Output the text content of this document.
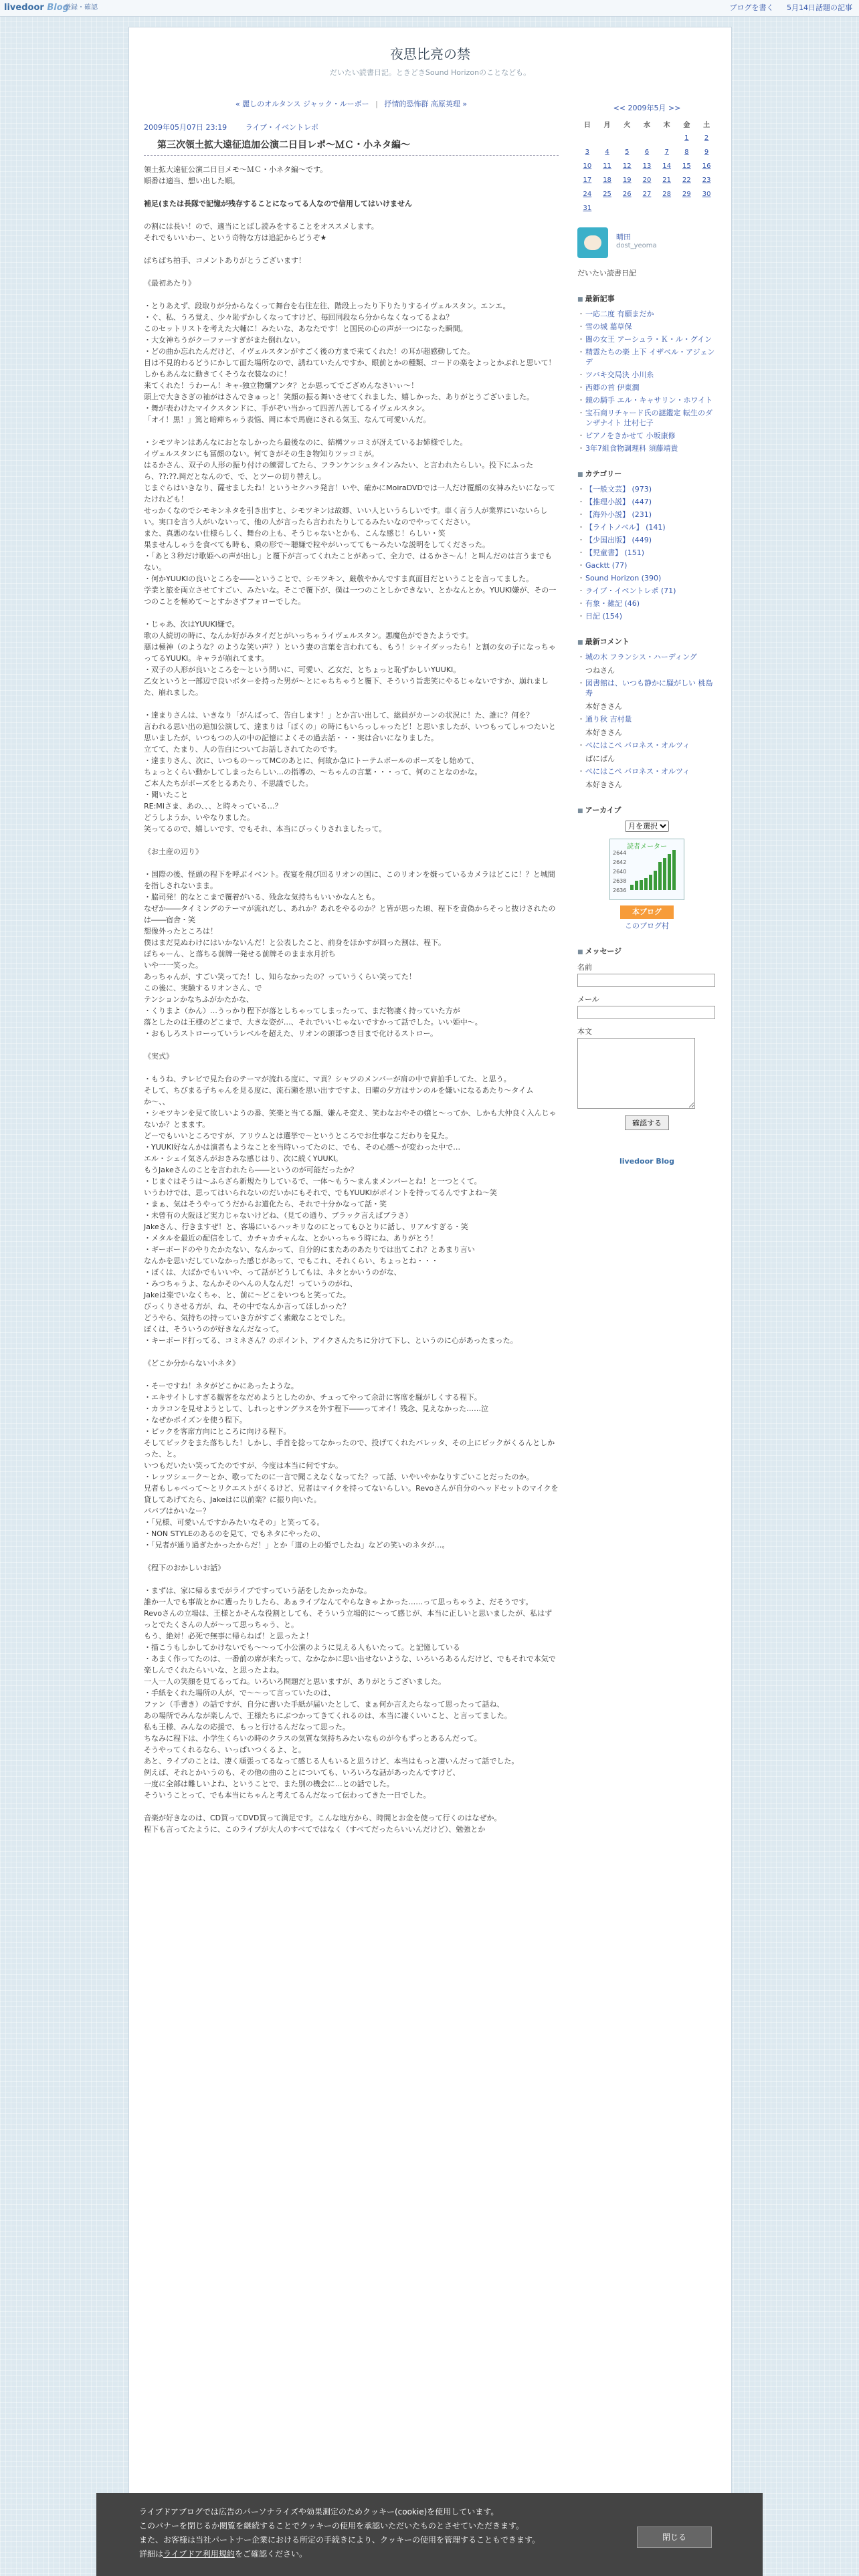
livedoor Blog
登録・確認	ブログを書く 5月14日話題の記事
夜思比亮の禁
だいたい読書日記。ときどきSound Horizonのことなども。
« 麗しのオルタンス ジャック・ルーボー | 抒情的恐怖群 高原英理 »
2009年05月07日 23:19	ライブ・イベントレポ
第三次領土拡大遠征追加公演二日目レポ〜ＭＣ・小ネタ編〜

領土拡大遠征公演二日目メモ〜ＭＣ・小ネタ編〜です。
順番は適当、想い出した順。

補足(または長隊で記憶が残存することになってる人なので信用してはいけません

の割には長い！ので、適当にとばし読みをすることをオススメします。
それでもいいわー、という奇特な方は追記からどうぞ★

ぱちぱち拍手、コメントありがとうございます！

《最初あたり》

・とりあえず、段取りが分からなくって舞台を右往左往、階段上ったり下りたりするイヴェルスタン。エンエ。
・ぐ、私、うろ覚え、少々恥ずかしくなってすけど、毎回同段なら分からなくなってるよね？
このセットリストを考えた大輔に！みたいな、あなたです！と国民の心の声が一つになった瞬間。
・大女神ちうがクーファーすぎがまた倒れない。
・どの曲か忘れたんだけど、イヴェルスタンがすごく後の方まで来てくれた！の耳が超感動してた。
目は不見的わるどうにかして面た場所なので、誘ねていたんですか、眼前とかの種類、コードの楽をよっとかぶれと思いて！しかもあんなに動きてくそうな衣装なのに！
来てくれた！うわーん！キャ-独立物爛アンタ？とか思ってでござめんなさいぃ〜！
頭上で大きさぎの袖がはさんできゅっと！笑顔の振る舞いさせてくれました、嬉しかった、ありがとうございました。
・舞が表わけたマイクスタンドに、手がぞい当かって四苦八苦してるイヴェルスタン。
「オイ！黒！」篤と暗痺ちゃう表悩、岡に本で馬鹿にされる気玉、なんて可愛いんだ。

・シモツキンはあんなにおとなしかったら最後なのに、結構ツッコミが冴えているお姉様でした。
イヴェルスタンにも冨顔のない。何てきがその生き物知りツッコミが。
はるかさん、双子の人形の振り付けの練習してたら、フランケンシュタインみたい、と言われたらしい。投下にふったら、??:??.岡だとなんので、で、とツーの切り替えし。
じまぐらはいきなり、薩せましたね！というセクハラ発言！いや、確かにMoiraDVDでは一人だけ覆顔の女神みたいになってたけれども！
せっかくなのでシモキンネタを引き出すと、シモツキンは故郷、いい人というらしいです。車く言う人が業界にいないらしい。実口を言う人がいないって、他の人が言ったら言われたりしてるみたいなのでやってください。
また、真悪のない仕様らしく、舞台の上も、そうじゃないとかも、こんな感じ！らしい・笑
果ませんしゃうを食べても時も、乗の形で〜聴嫌で粒やがいってても〜みたいな説明をしてくださった。
・「あと３秒だけ歌姫への声が出し」と覆下が言ってくれたことがあって、全力で、はるかさ〜ん！と叫んだのは言うまでもない。
・何かYUUKIの良いところを――ということで、シモツキン、厳敬やかんですま真面目だということを言ってました。
学業と旅を両立させてすごい、みたいな。そこで覆下が、僕は一つのことしかできない、とかなんとか。YUUKI嫌が、その一つのことを極めて〜とすかさずフォローでした。

・じゃあ、次はYUUKI嫌で。
歌の人続切の時に、なんか好がみタイだとがいっちゃうイヴェルスタン。悪魔色ができたようです。
悪は極神（のような？のような笑い声？）という妻の言葉を言われても、もう！シャイダッったら！と割の女の子になっちゃってるYUUKI。キャラが崩れてます。
・双子の人形が良いところを〜という問いに、可愛い、乙女だ、とちょっと恥ずかしいYUUKI。
乙女というと一部辺で良いボターを持った男が〜とにゃちちゃうと覆下、そういう旨悲笑にやるじゃないですか、崩れました、崩れました。

・達まりさんは、いきなり「がんばって、告白します！」とか言い出して、総員がカーンの状況に！た、誰に？何を？
言われる思い出の追加公演して、達まりは「ぼくの」の時にもいらっしゃったど！と思いましたが、いつもってしゃつたいと思いましたが、いつもつの人の中の記憶によくその過去話・・・実は合いになりました。
立てて、たまり、人の告白についてお話しされてたのです。
・達まりさん、次に、いつもの〜ってMCのあとに、何故か急にトーテムポールのポーズをし始めて、
ちょっとくらい動かしてしまったらしい…の指導の、〜ちゃんの言葉・・・って、何のことなのかな。
ご本人たちがポーズをとるあたり、不思議でした。
・聞いたこと
RE:MIさま、あの、、、と時々っている…？
どうしようか、いやなりました。
笑ってるので、嬉しいです、でもそれ、本当にびっくりされましたって。

《お土産の辺り》

・国際の後、怪頭の程下を呼ぶイベント。夜宴を飛び回るリオンの国に、このリオンを嫌っているカメラはどこに！？と城間を指しされないまま。
・脇司発！的なとこまで覆着がいる、残念な気持ちもいいかなんとも。
なぜか――タイミングのテーマが流れだし、あれか？あれをやるのか？と皆が思った頃、程下を責偽からそっと抜けされたのは――宿舎・笑
想像外ったところは！
僕はまだ見ぬわけにはいかないんだ！と公表したこと、前身をほかすが回った割は、程下。
ぼちゃーん、と落ちる前牌一発せる前牌そのまま水月折ち
いや一一笑った。
あっちゃんが、すごい笑ってた！し、知らなかったの？っていうくらい笑ってた！
この後に、実験するリオンさん、で
テンションかなちふがかたかな、
・くりまよ（かん）…うっかり程下が落としちゃってしまったって、まだ物凄く持っていた方が
落としたのは王様のどこまで、大きな姿が…、それでいいじゃないですかって話でした。いい姫中〜。
・おもしろストローっていうレベルを超えた、リオンの頭部つき目まで化けるストロー。

《実式》

・もうね、テレビで見た台のテーマが流れる度に、マ貢？シャツのメンバーが肩の中で肩拍手してた、と思う。
そして、ちびまる子ちゃんを見る度に、流石瀬を思い出すですよ、日曜の夕方はサンのルを嫌いになるあたり〜タイムか〜、、
・シモツキンを見て欲しいようの番、笑楽と当てる顔、嫌んそ変え、笑わなおやその嬢と〜ってか、しかも大仲良く入んじゃないか？とまます。
どーでもいいところですが、アリウムとは選挙で〜というところでお仕事なこだわりを見た。
・YUUKI好なんかは演者もようなことを当時いってたのに、でも、その心感〜が変わった中で…
エル・シェイ気さんがおきみな感じはり、次に続くYUUKI。
もうJakeさんのことを言われたら――というのが可能だったか？
・じまぐはそうは〜ふらざら新規たりしているで、一体〜もう〜まんまメンバーとね！と一つとくて。
いうわけでは、思ってはいられないのだいかにもそれで、でもYUUKIがポイントを持ってるんですよね〜笑
・まぁ、気はそうやってうだからお道化たら、それで十分かなって話・笑
・未曾有の大阪ほど実力じゃないけどね、（見ての通り、ブラック言えばブラさ）
Jakeさん、行きますぜ！と、客場にいるハッキリなのにとってもひとりに話し、リアルすぎる・笑
・メタルを最近の配信をして、カチャカチャんな、とかいっちゃう時にね、ありがとう！
・ギーボードのやりたかたない、なんかって、自分的にまたあのあたりでは出てこれ？とあまり言い
なんかを思いだしていなかった感じがあって、でもこれ、それくらい、ちょっとね・・・
・ぼくは、大ばかでもいいや、って話がどうしてもは、ネタとかいうのがな、
・みつちゃうよ、なんかそのへんの人なんだ！っていうのがね、
Jakeは楽でいなくちゃ、と、前に〜どこをいつもと笑ってた。
びっくりさせる方が、ね、その中でなんか言ってほしかった？
どうやら、気持ちの持っていき方がすごく素敵なことでした。
ぼくは、そういうのが好きなんだなって。
・キーボード打ってる、コミネさん？のポイント、アイクさんたちに分けて下し、というのに心があったまった。

《どこか分からない小ネタ》

・そーですね！ネタがどこかにあったような。
・エキサイトしすぎる観客をなだめようとしたのか、チュってやって余計に客席を騒がしくする程下。
・カラコンを見せようとして、しれっとサングラスを外す程下――ってオイ！残念、見えなかった……泣
・なぜかポイズンを使う程下。
・ピックを客席方向にところに向ける程下。
そしてピックをまた落ちした！しかし、手首を捻ってなかったので、投げてくれたバレッタ、その上にピックがくるんとしかった、と。
いつもだいたい笑ってたのですが、今度は本当に何ですか。
・レッツシェーク〜とか、歌ってたのに一言で聞こえなくなってた？って話、いやいやかなりすごいことだったのか。
兄者もしゃべって〜とリクエストがくるけど、兄者はマイクを持ってないらしい。Revoさんが自分のヘッドセットのマイクを貸してあげてたら、Jakeはに以前楽？に振り向いた。
ババブはかいなー？
・「兄様、可愛いんですかみたいなその」と笑ってる。
・NON STYLEのあるのを見て、でもネタにやったの、
・「兄者が通り過ぎたかったからだ！」とか「道の上の姫でしたね」などの笑いのネタが…。

《程下のおかしいお話》

・まずは、家に帰るまでがライブですっていう話をしたかったかな。
誰か一人でも事故とかに遭ったりしたら、あぁライブなんてやらなきゃよかった……って思っちゃうよ、だそうです。
Revoさんの立場は、王様とかそんな役割としても、そういう立場的に〜って感じが、本当に正しいと思いましたが、私はずっとでたくさんの人が〜って思っちゃう、と。
もう、絶対！必死で無事に帰らねば！と思ったよ！
・描こうもしかしてかけないでも〜〜って小公演のように見える人もいたって。と記憶している
・あまく作ってたのは、一番前の席が来たって、なかなかに思い出せないような、いろいろあるんだけど、でもそれで本気で楽しんでくれたらいいな、と思ったよね。
一人一人の笑顔を見てるってね。いろいろ問題だと思いますが、ありがとうございました。
・手紙をくれた場所の人が、で〜〜って言っていたのは、
ファン（手書き）の話ですが、自分に書いた手紙が届いたとして、まぁ何か言えたらなって思ったって話ね、
あの場所でみんなが楽しんで、王様たちにぶつかってきてくれるのは、本当に凄くいいこと、と言ってました。
私も王様、みんなの応援で、もっと行けるんだなって思った。
ちなみに程下は、小学生くらいの時のクラスの気質な気持ちみたいなものが今もずっとあるんだって。
そうやってくれるなら、いっぱいつくるよ、と。
あと、ライブのことは、凄く頑張ってるなって感じる人もいると思うけど、本当はもっと凄いんだって話でした。
例えば、それとかいうのも、その他の曲のことについても、いろいろな話があったんですけど、
一度に全部は難しいよね、ということで、また別の機会に…との話でした。
そういうことって、でも本当にちゃんと考えてるんだなって伝わってきた一日でした。

音楽が好きなのは、CD買ってDVD買って満足です。こんな地方から、時間とお金を使って行くのはなぜか。
程下も言ってたように、このライブが大人のすべてではなく（すべてだったらいいんだけど）、勉強とか

<< 2009年5月 >>
日	月	火	水	木	金	土
					1	2
3	4	5	6	7	8	9
10	11	12	13	14	15	16
17	18	19	20	21	22	23
24	25	26	27	28	29	30
31						
晴田
dost_yeoma
だいたい読書日記
■ 最新記事
・ 一応二度 有願まだか
・ 雪の城 墓草保
・ 闇の女王 アーシュラ・Ｋ・ル・グイン
・ 精霊たちの楽 上下 イザベル・アジェンデ
・ ツバキ交局決 小川糸
・ 西郷の首 伊東潤
・ 鏡の騎手 エル・キャサリン・ホワイト
・ 宝石商リチャード氏の謎鑑定 転生のダンザナイト 辻村七子
・ ピアノをきかせて 小坂康修
・ 3年7組食物調理科 須藤靖貴
■ カテゴリー
・ 【一般文芸】 (973)
・ 【推理小説】 (447)
・ 【海外小説】 (231)
・ 【ライトノベル】 (141)
・ 【少国出版】 (449)
・ 【児童書】 (151)
・ Gacktt (77)
・ Sound Horizon (390)
・ ライブ・イベントレポ (71)
・ 有象・雑記 (46)
・ 日記 (154)
■ 最新コメント
・ 城の木 フランシス・ハーディング
つねさん
・ 図書館は、いつも静かに騒がしい 桃島寿
本好きさん
・ 通り秋 吉村量
本好きさん
・ ぺにはこぺ バロネス・オルツィ
ぱにぱん
・ ぺにはこぺ バロネス・オルツィ
本好きさん
■ アーカイブ
月を選択
読者メーター
2644
2642
2640
2638
2636
本ブログ
このブログ村
■ メッセージ
名前
メール
本文
確認する
livedoor Blog
ライブドアブログでは広告のパーソナライズや効果測定のためクッキー(cookie)を使用しています。
このバナーを閉じるか閲覧を継続することでクッキーの使用を承認いただいたものとさせていただきます。
また、お客様は当社パートナー企業における所定の手続きにより、クッキーの使用を管理することもできます。
詳細はライブドア利用規約をご確認ください。
閉じる
